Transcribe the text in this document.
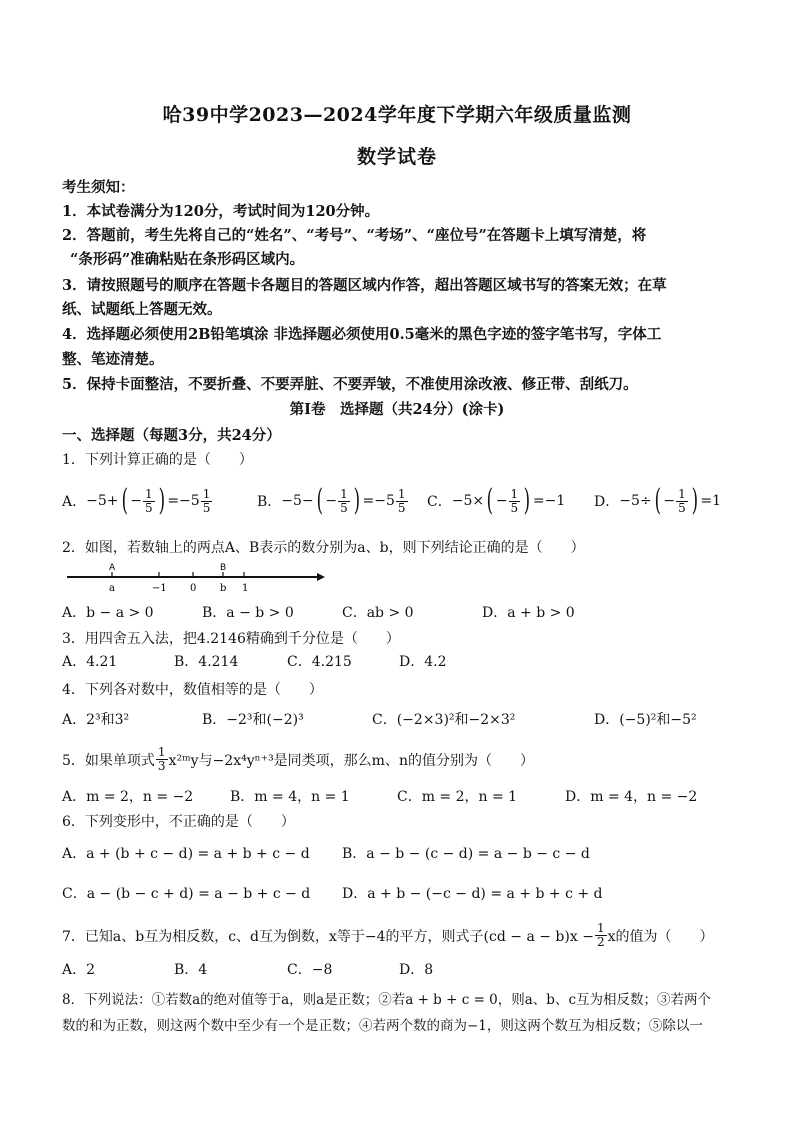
哈39中学2023—2024学年度下学期六年级质量监测
数学试卷
考生须知：
1．本试卷满分为120分，考试时间为120分钟。
2．答题前，考生先将自己的“姓名”、“考号”、“考场”、“座位号”在答题卡上填写清楚，将
“条形码”准确粘贴在条形码区域内。
3．请按照题号的顺序在答题卡各题目的答题区域内作答，超出答题区域书写的答案无效；在草
纸、试题纸上答题无效。
4．选择题必须使用2B铅笔填涂 非选择题必须使用0.5毫米的黑色字迹的签字笔书写，字体工
整、笔迹清楚。
5．保持卡面整洁，不要折叠、不要弄脏、不要弄皱，不准使用涂改液、修正带、刮纸刀。
第Ⅰ卷　选择题（共24分）(涂卡)
一、选择题（每题3分，共24分）
1．下列计算正确的是（　　）
A． −5+ ( − $\frac{1}{5}$ ) $=-5 \frac{1}{5}$	B． −5− ( − $\frac{1}{5}$ ) $=-5 \frac{1}{5}$ C． −5× ( − $\frac{1}{5}$ ) =−1 D． −5÷ ( − $\frac{1}{5}$ ) =1
2．如图，若数轴上的两点A、B表示的数分别为a、b，则下列结论正确的是（　　）
A	B
a	−1 0 b 1
A．b − a > 0	B．a − b > 0	C．ab > 0	D．a + b > 0
3．用四舍五入法，把4.2146精确到千分位是（　　）
A．4.21	B．4.214	C．4.215	D．4.2
4．下列各对数中，数值相等的是（　　）
A．2³和3²	B．−2³和(−2)³	C．(−2×3)²和−2×3²	D．(−5)²和−5²
5．如果单项式 $\frac{1}{3}$ x²ᵐy与−2x⁴yⁿ⁺³是同类项，那么m、n的值分别为（　　）
A．m = 2，n = −2	B．m = 4，n = 1	C．m = 2，n = 1	D．m = 4，n = −2
6．下列变形中，不正确的是（　　）
A．a + (b + c − d) = a + b + c − d B．a − b − (c − d) = a − b − c − d
C．a − (b − c + d) = a − b + c − d D．a + b − (−c − d) = a + b + c + d
7．已知a、b互为相反数，c、d互为倒数，x等于−4的平方，则式子$(cd - a - b)x - \frac{1}{2}$ x的值为（　　）
A．2	B．4	C．−8	D．8
8．下列说法：①若数a的绝对值等于a，则a是正数；②若a + b + c = 0，则a、b、c互为相反数；③若两个
数的和为正数，则这两个数中至少有一个是正数；④若两个数的商为−1，则这两个数互为相反数；⑤除以一
